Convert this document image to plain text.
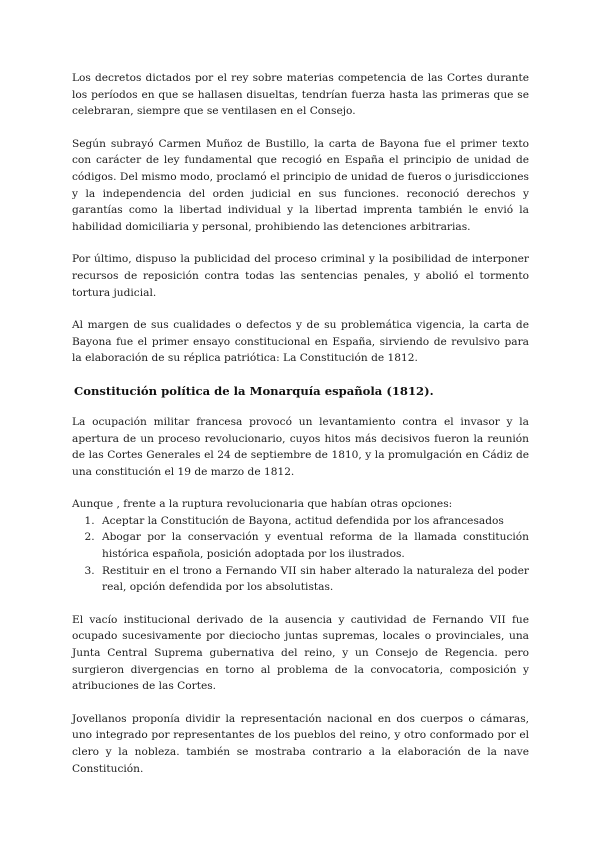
Los decretos dictados por el rey sobre materias competencia de las Cortes durante los períodos en que se hallasen disueltas, tendrían fuerza hasta las primeras que se celebraran, siempre que se ventilasen en el Consejo.

Según subrayó Carmen Muñoz de Bustillo, la carta de Bayona fue el primer texto con carácter de ley fundamental que recogió en España el principio de unidad de códigos. Del mismo modo, proclamó el principio de unidad de fueros o jurisdicciones y la independencia del orden judicial en sus funciones. reconoció derechos y garantías como la libertad individual y la libertad imprenta también le envió la habilidad domiciliaria y personal, prohibiendo las detenciones arbitrarias.

Por último, dispuso la publicidad del proceso criminal y la posibilidad de interponer recursos de reposición contra todas las sentencias penales, y abolió el tormento tortura judicial.

Al margen de sus cualidades o defectos y de su problemática vigencia, la carta de Bayona fue el primer ensayo constitucional en España, sirviendo de revulsivo para la elaboración de su réplica patriótica: La Constitución de 1812.

Constitución política de la Monarquía española (1812).

La ocupación militar francesa provocó un levantamiento contra el invasor y la apertura de un proceso revolucionario, cuyos hitos más decisivos fueron la reunión de las Cortes Generales el 24 de septiembre de 1810, y la promulgación en Cádiz de una constitución el 19 de marzo de 1812.

Aunque , frente a la ruptura revolucionaria que habían otras opciones:

1. Aceptar la Constitución de Bayona, actitud defendida por los afrancesados
2. Abogar por la conservación y eventual reforma de la llamada constitución histórica española, posición adoptada por los ilustrados.
3. Restituir en el trono a Fernando VII sin haber alterado la naturaleza del poder real, opción defendida por los absolutistas.

El vacío institucional derivado de la ausencia y cautividad de Fernando VII fue ocupado sucesivamente por dieciocho juntas supremas, locales o provinciales, una Junta Central Suprema gubernativa del reino, y un Consejo de Regencia. pero surgieron divergencias en torno al problema de la convocatoria, composición y atribuciones de las Cortes.

Jovellanos proponía dividir la representación nacional en dos cuerpos o cámaras, uno integrado por representantes de los pueblos del reino, y otro conformado por el clero y la nobleza. también se mostraba contrario a la elaboración de la nave Constitución.
